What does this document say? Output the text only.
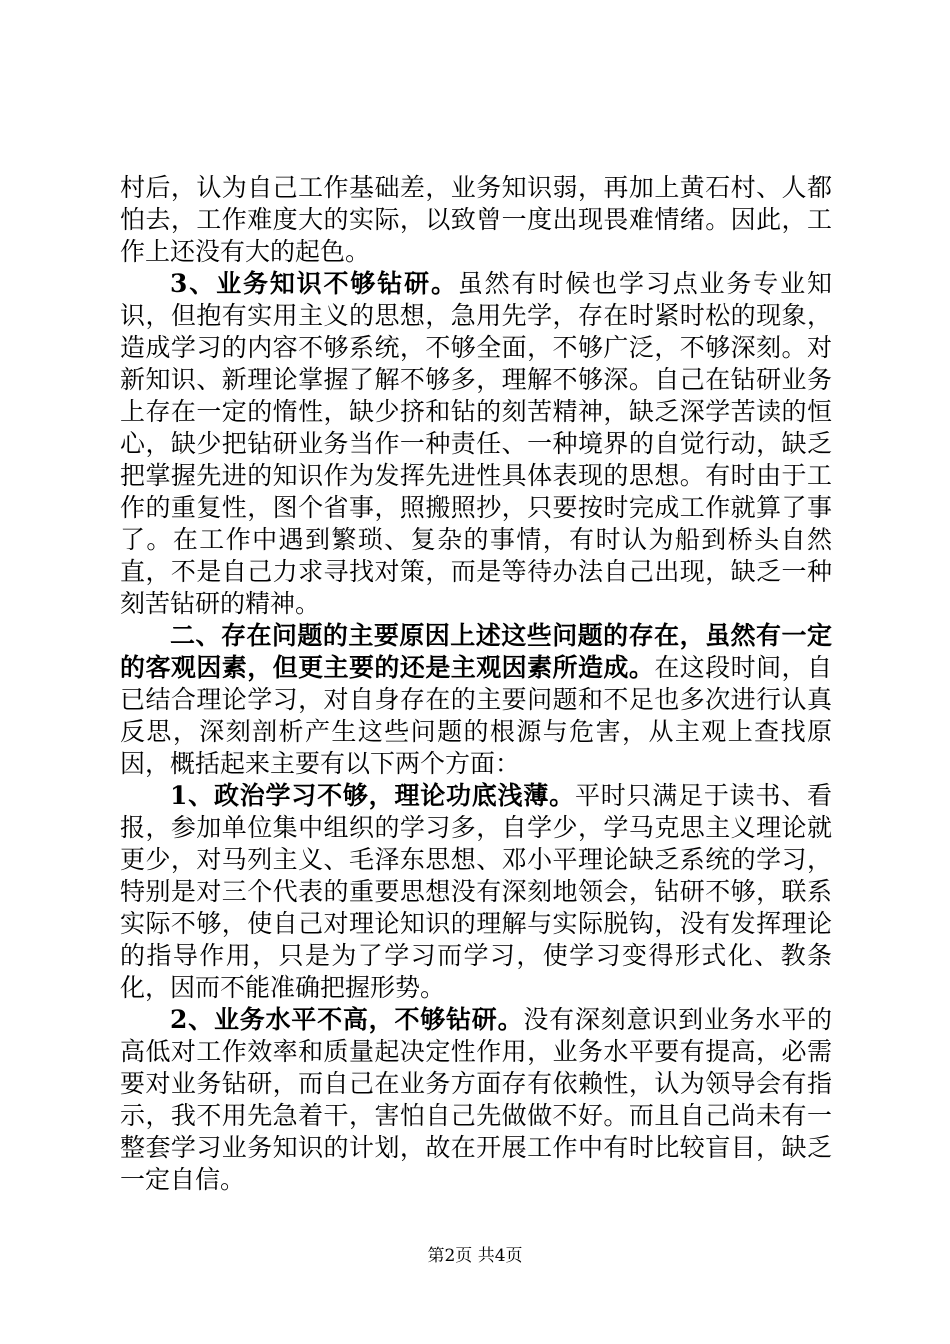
村后，认为自己工作基础差，业务知识弱，再加上黄石村、人都怕去，工作难度大的实际，以致曾一度出现畏难情绪。因此，工作上还没有大的起色。

3、业务知识不够钻研。虽然有时候也学习点业务专业知识，但抱有实用主义的思想，急用先学，存在时紧时松的现象，造成学习的内容不够系统，不够全面，不够广泛，不够深刻。对新知识、新理论掌握了解不够多，理解不够深。自己在钻研业务上存在一定的惰性，缺少挤和钻的刻苦精神，缺乏深学苦读的恒心，缺少把钻研业务当作一种责任、一种境界的自觉行动，缺乏把掌握先进的知识作为发挥先进性具体表现的思想。有时由于工作的重复性，图个省事，照搬照抄，只要按时完成工作就算了事了。在工作中遇到繁琐、复杂的事情，有时认为船到桥头自然直，不是自己力求寻找对策，而是等待办法自己出现，缺乏一种刻苦钻研的精神。

二、存在问题的主要原因上述这些问题的存在，虽然有一定的客观因素，但更主要的还是主观因素所造成。在这段时间，自已结合理论学习，对自身存在的主要问题和不足也多次进行认真反思，深刻剖析产生这些问题的根源与危害，从主观上查找原因，概括起来主要有以下两个方面：

1、政治学习不够，理论功底浅薄。平时只满足于读书、看报，参加单位集中组织的学习多，自学少，学马克思主义理论就更少，对马列主义、毛泽东思想、邓小平理论缺乏系统的学习，特别是对三个代表的重要思想没有深刻地领会，钻研不够，联系实际不够，使自己对理论知识的理解与实际脱钩，没有发挥理论的指导作用，只是为了学习而学习，使学习变得形式化、教条化，因而不能准确把握形势。

2、业务水平不高，不够钻研。没有深刻意识到业务水平的高低对工作效率和质量起决定性作用，业务水平要有提高，必需要对业务钻研，而自己在业务方面存有依赖性，认为领导会有指示，我不用先急着干，害怕自己先做做不好。而且自己尚未有一整套学习业务知识的计划，故在开展工作中有时比较盲目，缺乏一定自信。

第2页 共4页
